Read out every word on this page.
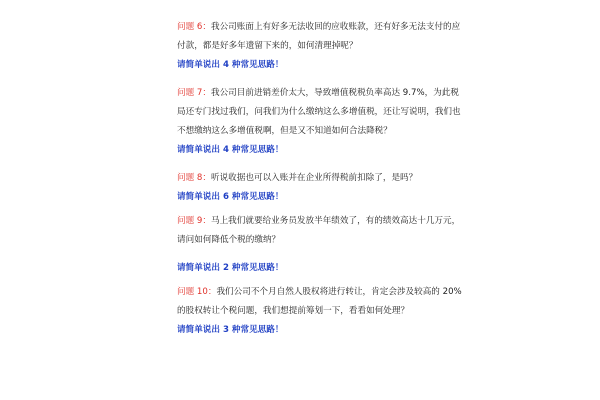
问题 6：我公司账面上有好多无法收回的应收账款，还有好多无法支付的应

付款，都是好多年遗留下来的，如何清理掉呢？

请简单说出 4 种常见思路！

问题 7：我公司目前进销差价太大，导致增值税税负率高达 9.7%，为此税

局还专门找过我们，问我们为什么缴纳这么多增值税，还让写说明，我们也

不想缴纳这么多增值税啊，但是又不知道如何合法降税？

请简单说出 4 种常见思路！

问题 8：听说收据也可以入账并在企业所得税前扣除了，是吗？

请简单说出 6 种常见思路！

问题 9：马上我们就要给业务员发放半年绩效了，有的绩效高达十几万元，

请问如何降低个税的缴纳？

请简单说出 2 种常见思路！

问题 10：我们公司不个月自然人股权将进行转让，肯定会涉及较高的 20%

的股权转让个税问题，我们想提前筹划一下，看看如何处理？

请简单说出 3 种常见思路！
